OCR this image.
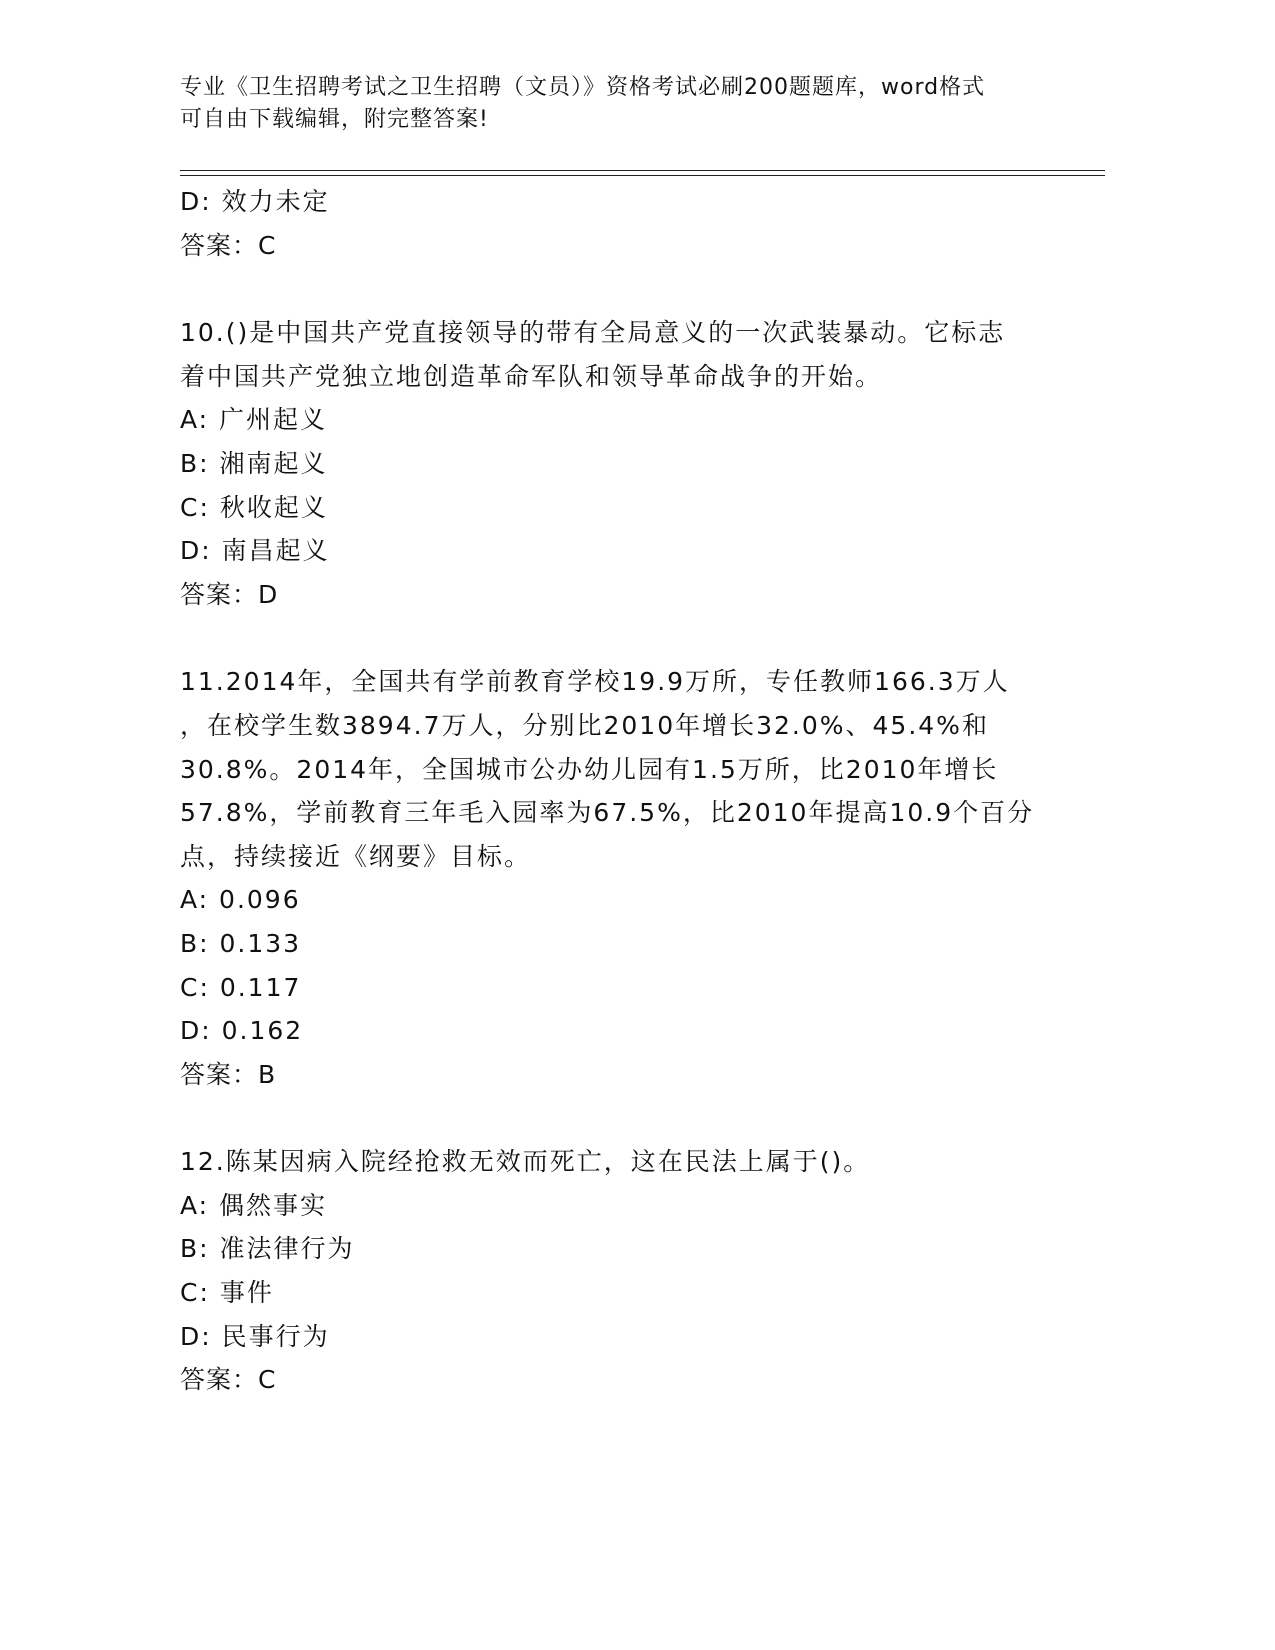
专业《卫生招聘考试之卫生招聘（文员）》资格考试必刷200题题库，word格式
可自由下载编辑，附完整答案!
D: 效力未定
答案：C
10.()是中国共产党直接领导的带有全局意义的一次武装暴动。它标志
着中国共产党独立地创造革命军队和领导革命战争的开始。
A: 广州起义
B: 湘南起义
C: 秋收起义
D: 南昌起义
答案：D
11.2014年，全国共有学前教育学校19.9万所，专任教师166.3万人
，在校学生数3894.7万人，分别比2010年增长32.0%、45.4%和
30.8%。2014年，全国城市公办幼儿园有1.5万所，比2010年增长
57.8%，学前教育三年毛入园率为67.5%，比2010年提高10.9个百分
点，持续接近《纲要》目标。
A: 0.096
B: 0.133
C: 0.117
D: 0.162
答案：B
12.陈某因病入院经抢救无效而死亡，这在民法上属于()。
A: 偶然事实
B: 准法律行为
C: 事件
D: 民事行为
答案：C
